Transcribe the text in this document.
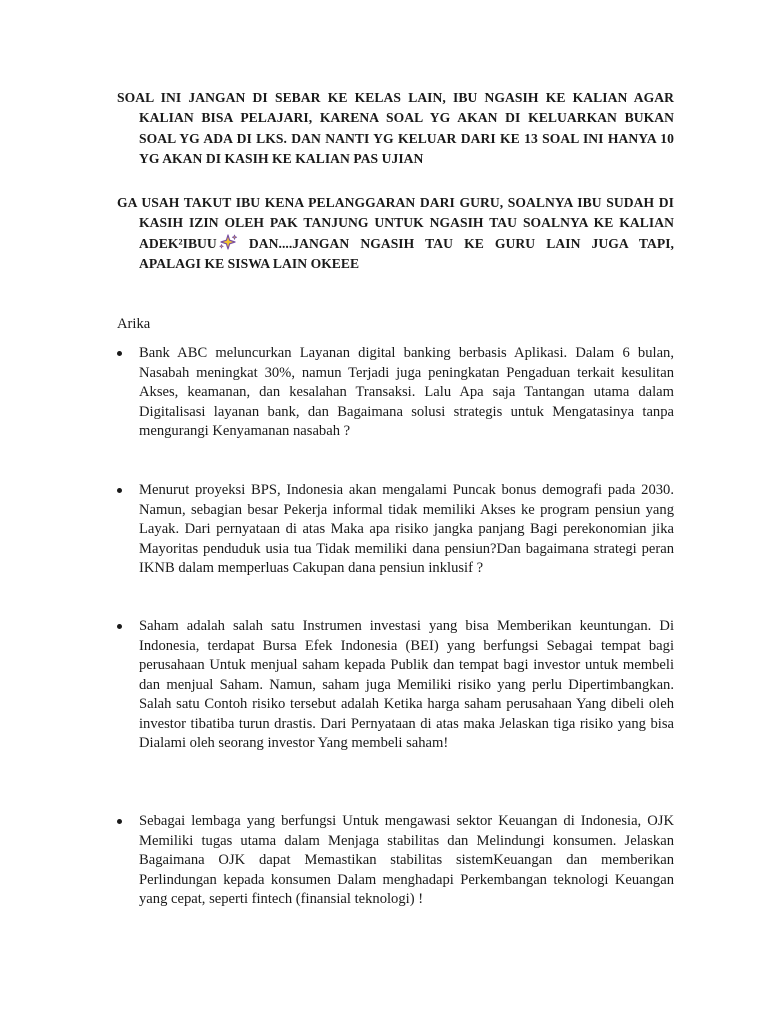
SOAL INI JANGAN DI SEBAR KE KELAS LAIN, IBU NGASIH KE KALIAN AGAR KALIAN BISA PELAJARI, KARENA SOAL YG AKAN DI KELUARKAN BUKAN SOAL YG ADA DI LKS. DAN NANTI YG KELUAR DARI KE 13 SOAL INI HANYA 10 YG AKAN DI KASIH KE KALIAN PAS UJIAN

GA USAH TAKUT IBU KENA PELANGGARAN DARI GURU, SOALNYA IBU SUDAH DI KASIH IZIN OLEH PAK TANJUNG UNTUK NGASIH TAU SOALNYA KE KALIAN ADEK²IBUU DAN....JANGAN NGASIH TAU KE GURU LAIN JUGA TAPI, APALAGI KE SISWA LAIN OKEEE

Arika

Bank ABC meluncurkan Layanan digital banking berbasis Aplikasi. Dalam 6 bulan, Nasabah meningkat 30%, namun Terjadi juga peningkatan Pengaduan terkait kesulitan Akses, keamanan, dan kesalahan Transaksi. Lalu Apa saja Tantangan utama dalam Digitalisasi layanan bank, dan Bagaimana solusi strategis untuk Mengatasinya tanpa mengurangi Kenyamanan nasabah ?

Menurut proyeksi BPS, Indonesia akan mengalami Puncak bonus demografi pada 2030. Namun, sebagian besar Pekerja informal tidak memiliki Akses ke program pensiun yang Layak. Dari pernyataan di atas Maka apa risiko jangka panjang Bagi perekonomian jika Mayoritas penduduk usia tua Tidak memiliki dana pensiun?Dan bagaimana strategi peran IKNB dalam memperluas Cakupan dana pensiun inklusif ?

Saham adalah salah satu Instrumen investasi yang bisa Memberikan keuntungan. Di Indonesia, terdapat Bursa Efek Indonesia (BEI) yang berfungsi Sebagai tempat bagi perusahaan Untuk menjual saham kepada Publik dan tempat bagi investor untuk membeli dan menjual Saham. Namun, saham juga Memiliki risiko yang perlu Dipertimbangkan. Salah satu Contoh risiko tersebut adalah Ketika harga saham perusahaan Yang dibeli oleh investor tibatiba turun drastis. Dari Pernyataan di atas maka Jelaskan tiga risiko yang bisa Dialami oleh seorang investor Yang membeli saham!

Sebagai lembaga yang berfungsi Untuk mengawasi sektor Keuangan di Indonesia, OJK Memiliki tugas utama dalam Menjaga stabilitas dan Melindungi konsumen. Jelaskan Bagaimana OJK dapat Memastikan stabilitas sistemKeuangan dan memberikan Perlindungan kepada konsumen Dalam menghadapi Perkembangan teknologi Keuangan yang cepat, seperti fintech (finansial teknologi) !
